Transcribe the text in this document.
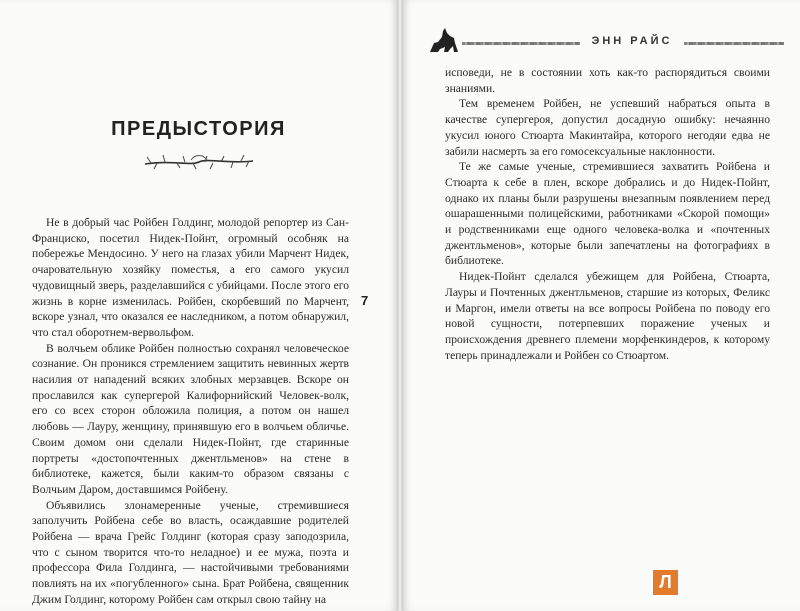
ПРЕДЫСТОРИЯ
7

Не в добрый час Ройбен Голдинг, молодой репортер из Сан-Франциско, посетил Нидек-Пойнт, огромный особняк на побережье Мендосино. У него на глазах убили Марчент Нидек, очаровательную хозяйку поместья, а его самого укусил чудовищный зверь, разделавшийся с убийцами. После этого его жизнь в корне изменилась. Ройбен, скорбевший по Марчент, вскоре узнал, что оказался ее наследником, а потом обнаружил, что стал оборотнем-вервольфом.

В волчьем облике Ройбен полностью сохранял человеческое сознание. Он проникся стремлением защитить невинных жертв насилия от нападений всяких злобных мерзавцев. Вскоре он прославился как супергерой Калифорнийский Человек-волк, его со всех сторон обложила полиция, а потом он нашел любовь — Лауру, женщину, принявшую его в волчьем обличье. Своим домом они сделали Нидек-Пойнт, где старинные портреты «достопочтенных джентльменов» на стене в библиотеке, кажется, были каким-то образом связаны с Волчьим Даром, доставшимся Ройбену.

Объявились злонамеренные ученые, стремившиеся заполучить Ройбена себе во власть, осаждавшие родителей Ройбена — врача Грейс Голдинг (которая сразу заподозрила, что с сыном творится что-то неладное) и ее мужа, поэта и профессора Фила Голдинга, — настойчивыми требованиями повлиять на их «погубленного» сына. Брат Ройбена, священник Джим Голдинг, которому Ройбен сам открыл свою тайну на

ЭНН РАЙС

исповеди, не в состоянии хоть как-то распорядиться своими знаниями.

Тем временем Ройбен, не успевший набраться опыта в качестве супергероя, допустил досадную ошибку: нечаянно укусил юного Стюарта Макинтайра, которого негодяи едва не забили насмерть за его гомосексуальные наклонности.

Те же самые ученые, стремившиеся захватить Ройбена и Стюарта к себе в плен, вскоре добрались и до Нидек-Пойнт, однако их планы были разрушены внезапным появлением перед ошарашенными полицейскими, работниками «Скорой помощи» и родственниками еще одного человека-волка и «почтенных джентльменов», которые были запечатлены на фотографиях в библиотеке.

Нидек-Пойнт сделался убежищем для Ройбена, Стюарта, Лауры и Почтенных джентльменов, старшие из которых, Феликс и Маргон, имели ответы на все вопросы Ройбена по поводу его новой сущности, потерпевших поражение ученых и происхождения древнего племени морфенкиндеров, к которому теперь принадлежали и Ройбен со Стюартом.

Л
